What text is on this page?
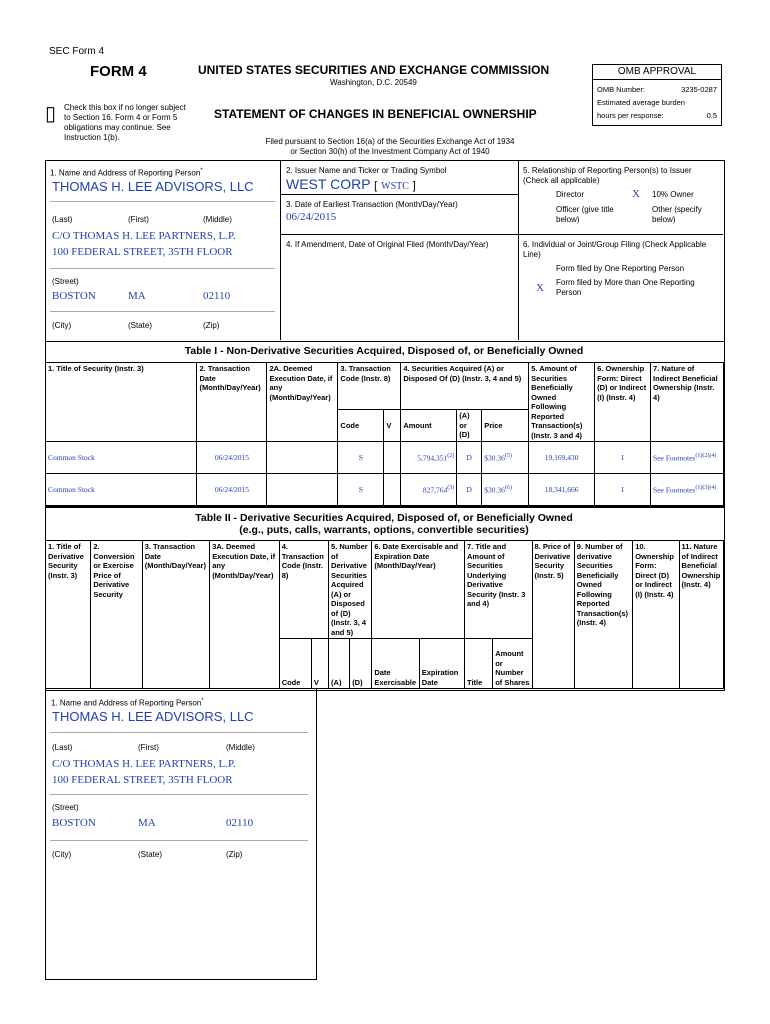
SEC Form 4
FORM 4	UNITED STATES SECURITIES AND EXCHANGE COMMISSION
Washington, D.C. 20549
▯ Check this box if no longer subject to Section 16. Form 4 or Form 5 obligations may continue. See Instruction 1(b).
STATEMENT OF CHANGES IN BENEFICIAL OWNERSHIP
Filed pursuant to Section 16(a) of the Securities Exchange Act of 1934
or Section 30(h) of the Investment Company Act of 1940
OMB APPROVAL
OMB Number:	3235-0287
Estimated average burden
hours per response:	0.5
1. Name and Address of Reporting Person*
THOMAS H. LEE ADVISORS, LLC
(Last)	(First)	(Middle)
C/O THOMAS H. LEE PARTNERS, L.P.
100 FEDERAL STREET, 35TH FLOOR
(Street)
BOSTON	MA	02110
(City)	(State)	(Zip)
2. Issuer Name and Ticker or Trading Symbol
WEST CORP [ WSTC ]
3. Date of Earliest Transaction (Month/Day/Year)
06/24/2015
4. If Amendment, Date of Original Filed (Month/Day/Year)
5. Relationship of Reporting Person(s) to Issuer
(Check all applicable)
Director	X 10% Owner
Officer (give title below)
Other (specify below)
6. Individual or Joint/Group Filing (Check Applicable Line)
Form filed by One Reporting Person
X Form filed by More than One Reporting Person
Table I - Non-Derivative Securities Acquired, Disposed of, or Beneficially Owned
1. Title of Security (Instr. 3)	2. Transaction Date (Month/Day/Year)	2A. Deemed Execution Date, if any (Month/Day/Year)	3. Transaction Code (Instr. 8)		4. Securities Acquired (A) or Disposed Of (D) (Instr. 3, 4 and 5)			5. Amount of Securities Beneficially Owned Following Reported Transaction(s) (Instr. 3 and 4)	6. Ownership Form: Direct (D) or Indirect (I) (Instr. 4)	7. Nature of Indirect Beneficial Ownership (Instr. 4)
			Code	V	Amount	(A) or (D)	Price			
Common Stock	06/24/2015		S		5,794,351$^{(2)}$	D	$30.36$^{(5)}$	19,169,430	I	See Footnotes$^{(1)(2)(4)}$
Common Stock	06/24/2015		S		827,764$^{(3)}$	D	$30.36$^{(6)}$	18,341,666	I	See Footnotes$^{(1)(3)(4)}$
Table II - Derivative Securities Acquired, Disposed of, or Beneficially Owned
(e.g., puts, calls, warrants, options, convertible securities)
1. Title of Derivative Security (Instr. 3)	2. Conversion or Exercise Price of Derivative Security	3. Transaction Date (Month/Day/Year)	3A. Deemed Execution Date, if any (Month/Day/Year)	4. Transaction Code (Instr. 8)		5. Number of Derivative Securities Acquired (A) or Disposed of (D) (Instr. 3, 4 and 5)		6. Date Exercisable and Expiration Date (Month/Day/Year)		7. Title and Amount of Securities Underlying Derivative Security (Instr. 3 and 4)		8. Price of Derivative Security (Instr. 5)	9. Number of derivative Securities Beneficially Owned Following Reported Transaction(s) (Instr. 4)	10. Ownership Form: Direct (D) or Indirect (I) (Instr. 4)	11. Nature of Indirect Beneficial Ownership (Instr. 4)
				Code	V	(A)	(D)	Date Exercisable	Expiration Date	Title	Amount or Number of Shares				
1. Name and Address of Reporting Person*
THOMAS H. LEE ADVISORS, LLC
(Last)	(First)	(Middle)
C/O THOMAS H. LEE PARTNERS, L.P.
100 FEDERAL STREET, 35TH FLOOR
(Street)
BOSTON	MA	02110
(City)	(State)	(Zip)
